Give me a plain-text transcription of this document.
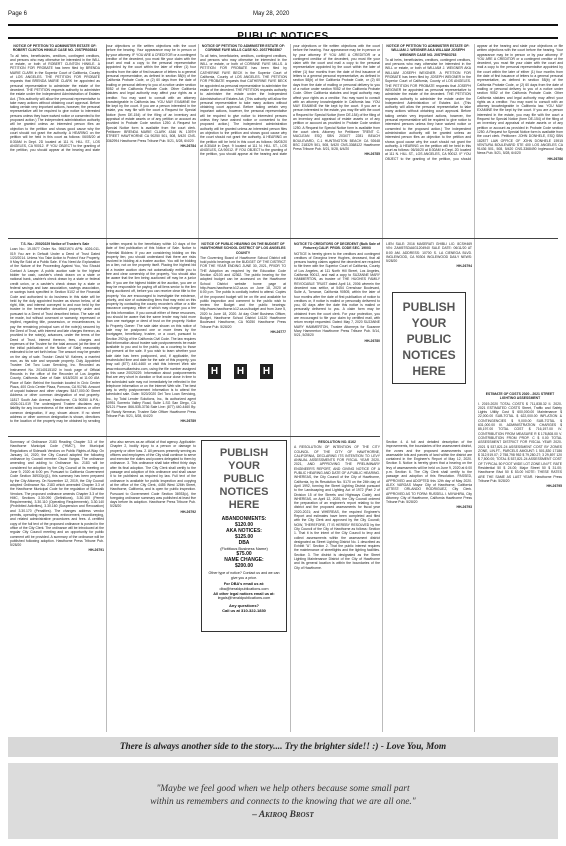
Page 6	May 28, 2020
PUBLIC NOTICES
NOTICE OF PETITION TO ADMINISTER ESTATE OF: ROBERT CLINTON HINKLE CASE NO. 20STPB03543
To all heirs, beneficiaries, creditors, contingent creditors, and persons who may otherwise be interested in the WILL or estate, or both of ROBERT CLINTON HINKLE. A PETITION FOR PROBATE has been filed by BRENDA MARIE CLARK in the Superior Court of California, County of LOS ANGELES. THE PETITION FOR PROBATE requests that BRENDA MARIE CLARK be appointed as personal representative to administer the estate of the decedent. THE PETITION requests authority to administer the estate under the Independent Administration of Estates Act. (This authority will allow the personal representative to take many actions without obtaining court approval. Before taking certain very important actions, however, the personal representative will be required to give notice to interested persons unless they have waived notice or consented to the proposed action.) The independent administration authority will be granted unless an interested person files an objection to the petition and shows good cause why the court should not grant the authority. A HEARING on the petition will be held in this court as follows: 06/05/20 at 8:30AM in Dept. 2D located at 111 N. HILL ST., LOS ANGELES, CA 90012. IF YOU OBJECT to the granting of the petition, you should appear at the hearing and state your objections or file written objections with the court before the hearing. Your appearance may be in person or by your attorney. IF YOU ARE A CREDITOR or a contingent creditor of the decedent, you must file your claim with the court and mail a copy to the personal representative appointed by the court within the later of either (1) four months from the date of first issuance of letters to a general personal representative, as defined in section 58(b) of the California Probate Code, or (2) 60 days from the date of mailing or personal delivery to you of a notice under section 9052 of the California Probate Code. Other California statutes and legal authority may affect your rights as a creditor. You may want to consult with an attorney knowledgeable in California law. YOU MAY EXAMINE the file kept by the court. If you are a person interested in the estate, you may file with the court a Request for Special Notice (form DE-154) of the filing of an inventory and appraisal of estate assets or of any petition or account as provided in Probate Code section 1250. A Request for Special Notice form is available from the court clerk. Petitioner: BRENDA MARIE CLARK 4346 W. 139TH STREET HAWTHORNE CA 90250 501, 508, 5/420 CNS-3362994 Hawthorne Press Tribune Pub. 5/21, 5/28, 6/4/20
HH-26784
NOTICE OF PETITION TO ADMINISTER ESTATE OF: CORINNE FAYE MILLS CASE NO. 20STPB03567
To all heirs, beneficiaries, creditors, contingent creditors, and persons who may otherwise be interested in the WILL or estate, or both of CORINNE FAYE MILLS. A PETITION FOR PROBATE has been filed by CATHERINE FAYE BECK in the Superior Court of California, County of LOS ANGELES. THE PETITION FOR PROBATE requests that CATHERINE FAYE BECK be appointed as personal representative to administer the estate of the decedent. THE PETITION requests authority to administer the estate under the Independent Administration of Estates Act. (This authority will allow the personal representative to take many actions without obtaining court approval. Before taking certain very important actions, however, the personal representative will be required to give notice to interested persons unless they have waived notice or consented to the proposed action.) The independent administration authority will be granted unless an interested person files an objection to the petition and shows good cause why the court should not grant the authority. A HEARING on the petition will be held in this court as follows: 06/03/20 at 8:30AM in Dept. 9 located at 111 N. HILL ST., LOS ANGELES, CA 90012. IF YOU OBJECT to the granting of the petition, you should appear at the hearing and state your objections or file written objections with the court before the hearing. Your appearance may be in person or by your attorney. IF YOU ARE A CREDITOR or a contingent creditor of the decedent, you must file your claim with the court and mail a copy to the personal representative appointed by the court within the later of either (1) four months from the date of first issuance of letters to a general personal representative, as defined in section 58(b) of the California Probate Code, or (2) 60 days from the date of mailing or personal delivery to you of a notice under section 9052 of the California Probate Code. Other California statutes and legal authority may affect your rights as a creditor. You may want to consult with an attorney knowledgeable in California law. YOU MAY EXAMINE the file kept by the court. If you are a person interested in the estate, you may file with the court a Request for Special Notice (form DE-154) of the filing of an inventory and appraisal of estate assets or of any petition or account as provided in Probate Code section 1250. A Request for Special Notice form is available from the court clerk. Attorney for Petitioner TRENT C. MACLEAN ESQ SBN 203477 2281 BEACH BOULEVARD, C-1 HUNTINGTON BEACH CA 92648 BSC 218329 501, 508, 5/420 CNS-3368122 Hawthorne Press Tribune Pub. 5/21, 5/28, 6/4/20
HH-26785
NOTICE OF PETITION TO ADMINISTER ESTATE OF: WILLIAM J. WEIGNER AKA WILLIAM JOSEPH WEIGNER CASE NO. 20STPB03763
To all heirs, beneficiaries, creditors, contingent creditors, and persons who may otherwise be interested in the WILL or estate, or both of WILLIAM J. WEIGNER AKA WILLIAM JOSEPH WEIGNER. A PETITION FOR PROBATE has been filed by JOSEPH WEIGNER in the Superior Court of California, County of LOS ANGELES. THE PETITION FOR PROBATE requests that JOSEPH WEIGNER be appointed as personal representative to administer the estate of the decedent. THE PETITION requests authority to administer the estate under the Independent Administration of Estates Act. (This authority will allow the personal representative to take many actions without obtaining court approval. Before taking certain very important actions, however, the personal representative will be required to give notice to interested persons unless they have waived notice or consented to the proposed action.) The independent administration authority will be granted unless an interested person files an objection to the petition and shows good cause why the court should not grant the authority. A HEARING on the petition will be held in this court as follows: 06/16/20 at 8:30AM in Dept. 2D located at 111 N. HILL ST., LOS ANGELES, CA 90012. IF YOU OBJECT to the granting of the petition, you should appear at the hearing and state your objections or file written objections with the court before the hearing. Your appearance may be in person or by your attorney. IF YOU ARE A CREDITOR or a contingent creditor of the decedent, you must file your claim with the court and mail a copy to the personal representative appointed by the court within the later of either (1) four months from the date of first issuance of letters to a general personal representative, as defined in section 58(b) of the California Probate Code, or (2) 60 days from the date of mailing or personal delivery to you of a notice under section 9052 of the California Probate Code. Other California statutes and legal authority may affect your rights as a creditor. You may want to consult with an attorney knowledgeable in California law. YOU MAY EXAMINE the file kept by the court. If you are a person interested in the estate, you may file with the court a Request for Special Notice (form DE-154) of the filing of an inventory and appraisal of estate assets or of any petition or account as provided in Probate Code section 1250. A Request for Special Notice form is available from the court clerk. Petitioner: JOHN DONHELE, ESQ SBN 182877 LAW OFFICE OF JOHN DONHELE 15915 VENTURA BOULEVARD STE 400 LOS ANGELES CA 91436 501, 508, 5/420 CNS-3368490 Inglewood Daily News Pub. 5/21, 5/28, 6/4/20
HH-26786
T.S. No.: 20020229 Notice of Trustee's Sale
Loan No.: 19-0577 Order No. 95521974 APN: 4026-011-019 You are in Default Under a Deed of Trust Dated 1/20/2014. Unless You Take Action to Protect Your Property, It May Be Sold at a Public Sale. If You Need An Explanation of the Nature of the Proceeding Against You, You Should Contact A Lawyer. A public auction sale to the highest bidder for cash, cashier's check drawn on a state or national bank, cashier's check drawn by a state or federal credit union, or a cashier's check drawn by a state or federal savings and loan association, savings association, or savings bank specified in Section 5102 of the Financial Code and authorized to do business in this state will be held by the duly appointed trustee as shown below, of all right, title, and interest conveyed to and now held by the trustee in the hereinafter described property under and pursuant to a Deed of Trust described below. The sale will be made, but without covenant or warranty, expressed or implied, regarding title, possession, or encumbrances, to pay the remaining principal sum of the note(s) secured by the Deed of Trust, with interest and late charges thereon, as provided in the note(s), advances, under the terms of the Deed of Trust, interest thereon, fees, charges and expenses of the Trustee for the total amount (at the time of the initial publication of the Notice of Sale) reasonably estimated to be set forth below. The amount may be greater on the day of sale. Trustor: David W. Kalmes, a married man, as his sole and separate property. Duly Appointed Trustee: Del Toro Loan Servicing, Inc. Recorded as Instrument No. 20140115102 in book page of Official Records in the office of the Recorder of Los Angeles County, California. Date of Sale: 6/18/2020 at 11:00 AM. Place of Sale: Behind the fountain located in Civic Center Plaza, 400 Civic Center Plaza, Pomona, CA 91766. Amount of unpaid balance and other charges: $447,000.00 Street Address or other common designation of real property: 11817 South Ash Avenue, Hawthorne, CA 90250 A.P.N.: 4026-011-019 The undersigned Trustee disclaims any liability for any incorrectness of the street address or other common designation, if any, shown above. If no street address or other common designation is shown, directions to the location of the property may be obtained by sending a written request to the beneficiary within 10 days of the date of first publication of this Notice of Sale. Notice to Potential Bidders: If you are considering bidding on this property lien, you should understand that there are risks involved in bidding at a trustee auction. You will be bidding on a lien, not on the property itself. Placing the highest bid at a trustee auction does not automatically entitle you to free and clear ownership of the property. You should also be aware that the lien being auctioned off may be a junior lien. If you are the highest bidder at the auction, you are or may be responsible for paying off all liens senior to the lien being auctioned off, before you can receive clear title to the property. You are encouraged to investigate the existence, priority, and size of outstanding liens that may exist on this property by contacting the county recorder's office or a title insurance company, either of which may charge you a fee for this information. If you consult either of these resources, you should be aware that the same lender may hold more than one mortgage or deed of trust on the property. Notice to Property Owner: The sale date shown on this notice of sale may be postponed one or more times by the mortgagee, beneficiary, trustee, or a court, pursuant to Section 2924g of the California Civil Code. The law requires that information about trustee sale postponements be made available to you and to the public, as a courtesy to those not present at the sale. If you wish to learn whether your sale date has been postponed, and, if applicable, the rescheduled time and date for the sale of this property, you may call (877) 440-4460 or visit this Internet Web site www.mkconsultantsinc.com, using the file number assigned to this case 20020229. Information about postponements that are very short in duration or that occur close in time to the scheduled sale may not immediately be reflected in the telephone information or on the Internet Web site. The best way to verify postponement information is to attend the scheduled sale. Date: 5/20/2020 Del Toro Loan Servicing, Inc., by Total Lender Solutions, Inc., its authorized agent 10951 Sorrento Valley Road, Suite 1-SG San Diego, CA 92121 Phone: 866-535-3736 Sale Line: (877) 440-4460 By: Ari Randy Nemeun, Trustee Sale Officer Hawthorne Press Tribune Pub. 5/21, 5/28, 6/4/20
HH-26789
NOTICE OF PUBLIC HEARING ON THE BUDGET OF HAWTHORNE SCHOOL DISTRICT OF LOS ANGELES COUNTY
The Governing Board of Hawthorne School District will hold public hearings on the BUDGET OF THE DISTRICT FOR THE YEAR ENDING JUNE 30, 2021, PRIOR TO THE Adoption as required by the Education Code Section 42103 and 42362. The public hearing for the adopted budget can be accessed on the Hawthorne School District website home page at http://www.hawthorne.k12.ca.us on June 18, 2020 at 6:00 p.m. The public is cordially invited to attend. Copies of the proposed budget will be on file and available for public inspection and comment to the public wish to review the Budget and the public hearings: http://www.hawthorne.k12.ca.us/budget and from June 5, 2020 to June 18, 2020. At day Chief Business Officer, Budget, Hawthorne School District 14120 Hawthorne Boulevard Hawthorne, CA 90250 Hawthorne Press Tribune Pub. 5/28/20
HH-26777
H H H
NOTICE TO CREDITORS OF DECEDENT (Bulk Sale of Fixtures) CALIF. PROB. CODE SEC. 19003
NOTICE is hereby given to the creditors and contingent creditors of Georgina Irene Hughes, deceased, that all persons having claims against the decedent are required to file them with the Superior Court of California, County of Los Angeles, at 111 North Hill Street, Los Angeles, California 90012, and mail a copy to SUZANNE MARY HAMMERTON, as trustee of THE HUGHES FAMILY REVOCABLE TRUST dated April 14, 2006 wherein the decedent was settlor, at 5454 Crenshaw Boulevard, Suite A, Torrance, California 90505, within the later of four months after the date of first publication of notice to creditors or, if notice is mailed or personally delivered to you, 60 days after the date this notice is mailed or personally delivered to you. A claim form may be obtained from the court clerk. For your protection, you are encouraged to file your claim by certified mail, with return receipt requested. Dated: May 7, 2020 SUZANNE MARY HAMMERTON, Trustee Attorneys for Suzanne Mary Hammerton Hawthorne Press Tribune Pub. 5/14, 5/21, 5/28/20
HH-26780
LIEN SALE: 2016 MASERATI GHIBLI LIC: 8CSH469 VIN: ZAM57SDA6G1204940 SALE DATE: 06/11/20 AT 8:00 AM. ADDRESS: 10700 S. LA CIENEGA BLVD. INGLEWOOD, CA 90304 INGLEWOOD DAILY NEWS: 5/28/20
HH-26794
PUBLISH
YOUR
PUBLIC
NOTICES
HERE
Summary of Ordinance 2183 Reading Chapter 3.3 of the Hawthorne Municipal Code ("HMC"), the Municipal Regulations of Sidewalk Vendors on Public Rights-of-Way. On January 14, 2020, the City Council adopted the following ordinance by Council member Oscar Vargas. The ordinance amending and adding to Ordinance No. 2183 will be considered for adoption by the City Council at its meeting on June 9, 2020 at 6:00 pm. Pursuant to California Government Code Section 36933(c)(1), this summary has been prepared by the City Attorney. On November 12, 2019, the City Council adopted Ordinance No. 2183 which amended Chapter 3.3 of the Hawthorne Municipal Code for the regulation of Sidewalk Vendors. The proposed ordinance amends Chapter 3.3 of the HMC, Sections 3.30.090 (Definitions), 3.30.100 (Permit Requirements), 3.30.110 (Operating Requirements), 3.30.140 (Prohibited Activities), 3.30.160 (Suspension and Revocation) and 3.30.170 (Penalties). The changes address vendor permits, operating requirements, enforcement, recordkeeping, and related administrative procedures and fees. A certified copy of the full text of the proposed ordinance is posted in the office of the City Clerk. The ordinance will be introduced at the regular City Council meeting and an opportunity for public comment will be provided. A summary of the ordinance will be published following adoption. Hawthorne Press Tribune Pub. 5/28/20
HH-26791
who also serves as an official of that agency. Applicable: Chapter 2, bodily injury to a person or damage to property or other loss. 2. All persons presently serving as officers and employees of the City shall continue to serve and exercise the duties and powers delegated to them by ordinance. 3. This ordinance shall take effect thirty days after its final adoption. The City Clerk shall certify to the passage and adoption of this ordinance and shall cause it to be published as required by law. Full text of the ordinance is available for public inspection and copying at the office of the City Clerk, 4455 West 126th Street, Hawthorne, California, and is open for public inspection. Pursuant to Government Code Section 36933(c), the foregoing ordinance summary was published at least five days before its adoption. Hawthorne Press Tribune Pub. 5/28/20
HH-26792
PUBLISH
YOUR
PUBLIC
NOTICES
HERE
ABANDONMENTS:
$120.00
AKA NOTICES:
$125.00
DBA
(Fictitious Business Name)
$75.00
NAME CHANGE:
$200.00
Other type of notice? Contact us and we can give you a price.
For DBA's email us at:
dba@heraldpublications.com
All other legal notices email us at:
legals@heraldpublications.com
Any questions?
Call us at 310-322-1830
RESOLUTION NO. 8162
A RESOLUTION OF INTENTION OF THE CITY COUNCIL OF THE CITY OF HAWTHORNE, CALIFORNIA, DECLARING ITS INTENTION TO LEVY ANNUAL ASSESSMENTS FOR FISCAL YEAR 2020-2021, AND APPROVING THE PRELIMINARY ENGINEER'S REPORT, AND GIVING NOTICE OF A PUBLIC HEARING AND DATE OF A PUBLIC HEARING. WHEREAS, the City Council of the City of Hawthorne, California, by its Resolution No. 5170 on the 24th day of April 1992, forming the Street Lighting District pursuant to the Landscaping and Lighting Act of 1972 (Part 2 of Division 15 of the Streets and Highways Code); and WHEREAS, on April 12, 2020, the City Council ordered the preparation of an engineer's report relating to the district and the proposed assessments for fiscal year 2020-2021; and WHEREAS, the required Engineer's Report and estimates have been completed and filed with the City Clerk and approved by the City Council; NOW, THEREFORE, IT IS HEREBY RESOLVED by the City Council of the City of Hawthorne as follows: Section 1. That it is the intent of the City Council to levy and collect assessments within the assessment district designated as Street Lighting District No. 1 described as Exhibit "A". Section 2. That the public interest requires the maintenance of streetlights and the lighting facilities. Section 3. The district is designated as the Street Lighting Maintenance District of the City of Hawthorne and its general location is within the boundaries of the City of Hawthorne.
Section 4. A full and detailed description of the improvements, the boundaries of the assessment district, the zones and the proposed assessments upon assessable lots and parcels of land within the district are contained in the Engineer's Report of May 12, 2020. Section 5. Notice is hereby given that a hearing on the levy of assessments will be held on June 9, 2020 at 6:00 p.m. Section 6. The City Clerk shall certify to the passage and adoption of this Resolution. PASSED, APPROVED and ADOPTED this 12th day of May 2020. ALEX VARGAS Mayor City of Hawthorne, California ATTEST: ORLANDO RODRIGUEZ, City Clerk. APPROVED AS TO FORM: RUSSELL I. MIYAHIRA, City Attorney. City of Hawthorne, California Hawthorne Press Tribune Pub. 5/28/20
HH-26793
ESTIMATE OF COSTS 2020 - 2021 STREET LIGHTING ASSESSMENT
I. 2019-2020 TOTAL COSTS $ 711,838.32 II. 2020-2021 ESTIMATED COSTS Street, Traffic and Safety Lights Utility Cost $ 600,000.00 Maintenance $ 22,000.00 SUB-TOTAL $ 622,000.00 INFLATION & CONTINGENCIES $ 9,000.00 SUB-TOTAL $ 631,000.00 III. ADMINISTRATION CHARGES $ 85,197.00 TOTAL COST $ 716,197.00 IV. CONTRIBUTION FROM MEASURE R $ 178,808.00 V. CONTRIBUTION FROM PROP. C $ 0.00 TOTAL ASSESSMENT DISTRICT FOR FISCAL YEAR 2020-2021 $ 537,821.24 ASSESSMENT COST BY ZONES ZONE, LIN.FT., PARCELS AMOUNT: 1 501,830 17186 $ 312,919.07; 2 758,798 952 $ 79,280.27; 3 29,897 120 $ 7,500.00; TOTAL $ 537,821.24 ASSESSMENT COST OF TYPICAL 50 FOOT WIDE LOT ZONE LIN.FT. RATE Residential 50 $ 24.00; Major Street 50 $ 31.00; Hawthorne Blvd 50 $ 53.00 NOTE: THESE RATES ARE THE SAME AS LAST YEAR. Hawthorne Press Tribune Pub. 5/28/20
HH-26795
There is always another side to the story.... Try the brighter side!! :) - Love You, Mom
"Maybe we feel good when we help others because some small part
within us remembers and connects to the knowing that we are all one."
– Akiroq Brost
